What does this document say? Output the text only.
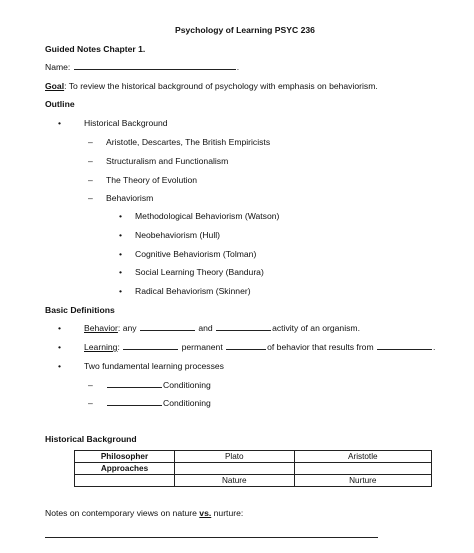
Psychology of Learning PSYC 236
Guided Notes Chapter 1.
Name:	.
Goal: To review the historical background of psychology with emphasis on behaviorism.
Outline
•	Historical Background
– Aristotle, Descartes, The British Empiricists
– Structuralism and Functionalism
– The Theory of Evolution
– Behaviorism
• Methodological Behaviorism (Watson)
• Neobehaviorism (Hull)
• Cognitive Behaviorism (Tolman)
• Social Learning Theory (Bandura)
• Radical Behaviorism (Skinner)
Basic Definitions
•	Behavior: any	and	activity of an organism.
•	Learning:	permanent	of behavior that results from	.
•	Two fundamental learning processes
–	Conditioning
–	Conditioning
Historical Background
Philosopher	Plato	Aristotle
Approaches		
	Nature	Nurture
Notes on contemporary views on nature vs. nurture:
